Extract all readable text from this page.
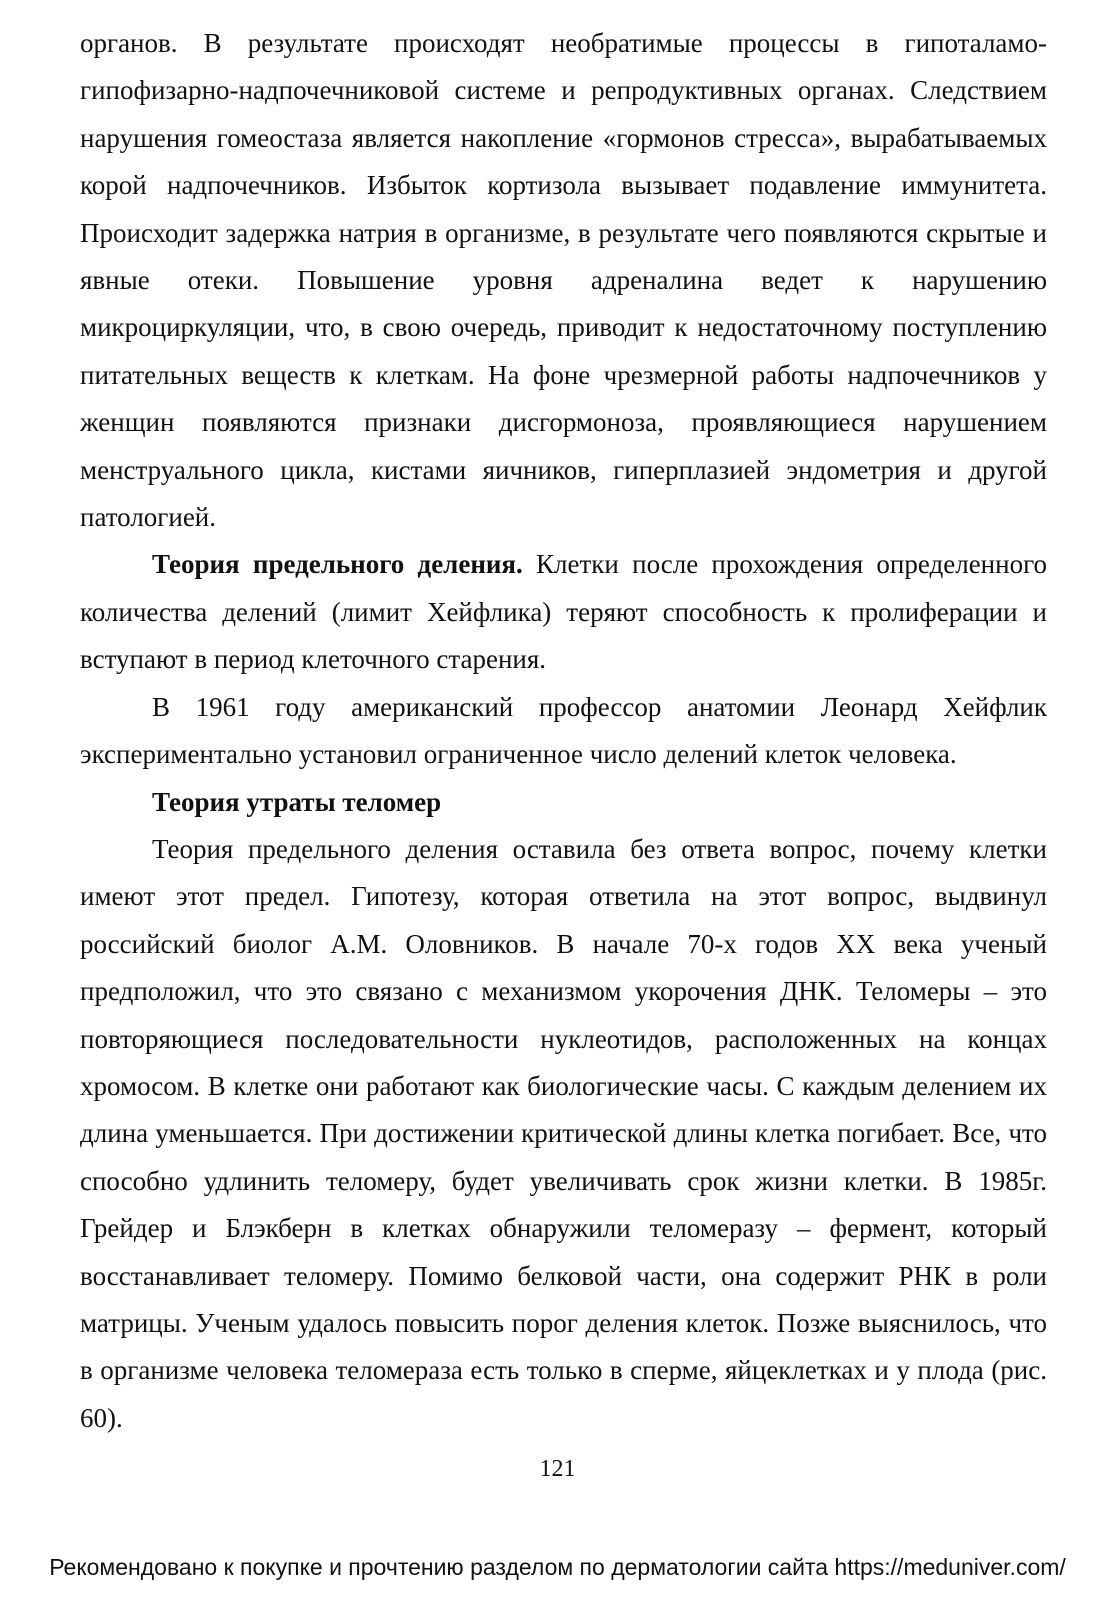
органов. В результате происходят необратимые процессы в гипоталамо-гипофизарно-надпочечниковой системе и репродуктивных органах. Следствием нарушения гомеостаза является накопление «гормонов стресса», вырабатываемых корой надпочечников. Избыток кортизола вызывает подавление иммунитета. Происходит задержка натрия в организме, в результате чего появляются скрытые и явные отеки. Повышение уровня адреналина ведет к нарушению микроциркуляции, что, в свою очередь, приводит к недостаточному поступлению питательных веществ к клеткам. На фоне чрезмерной работы надпочечников у женщин появляются признаки дисгормоноза, проявляющиеся нарушением менструального цикла, кистами яичников, гиперплазией эндометрия и другой патологией.

Теория предельного деления. Клетки после прохождения определенного количества делений (лимит Хейфлика) теряют способность к пролиферации и вступают в период клеточного старения.

В 1961 году американский профессор анатомии Леонард Хейфлик экспериментально установил ограниченное число делений клеток человека.

Теория утраты теломер

Теория предельного деления оставила без ответа вопрос, почему клетки имеют этот предел. Гипотезу, которая ответила на этот вопрос, выдвинул российский биолог А.М. Оловников. В начале 70-х годов XX века ученый предположил, что это связано с механизмом укорочения ДНК. Теломеры – это повторяющиеся последовательности нуклеотидов, расположенных на концах хромосом. В клетке они работают как биологические часы. С каждым делением их длина уменьшается. При достижении критической длины клетка погибает. Все, что способно удлинить теломеру, будет увеличивать срок жизни клетки. В 1985г. Грейдер и Блэкберн в клетках обнаружили теломеразу – фермент, который восстанавливает теломеру. Помимо белковой части, она содержит РНК в роли матрицы. Ученым удалось повысить порог деления клеток. Позже выяснилось, что в организме человека теломераза есть только в сперме, яйцеклетках и у плода (рис. 60).

121
Рекомендовано к покупке и прочтению разделом по дерматологии сайта https://meduniver.com/
